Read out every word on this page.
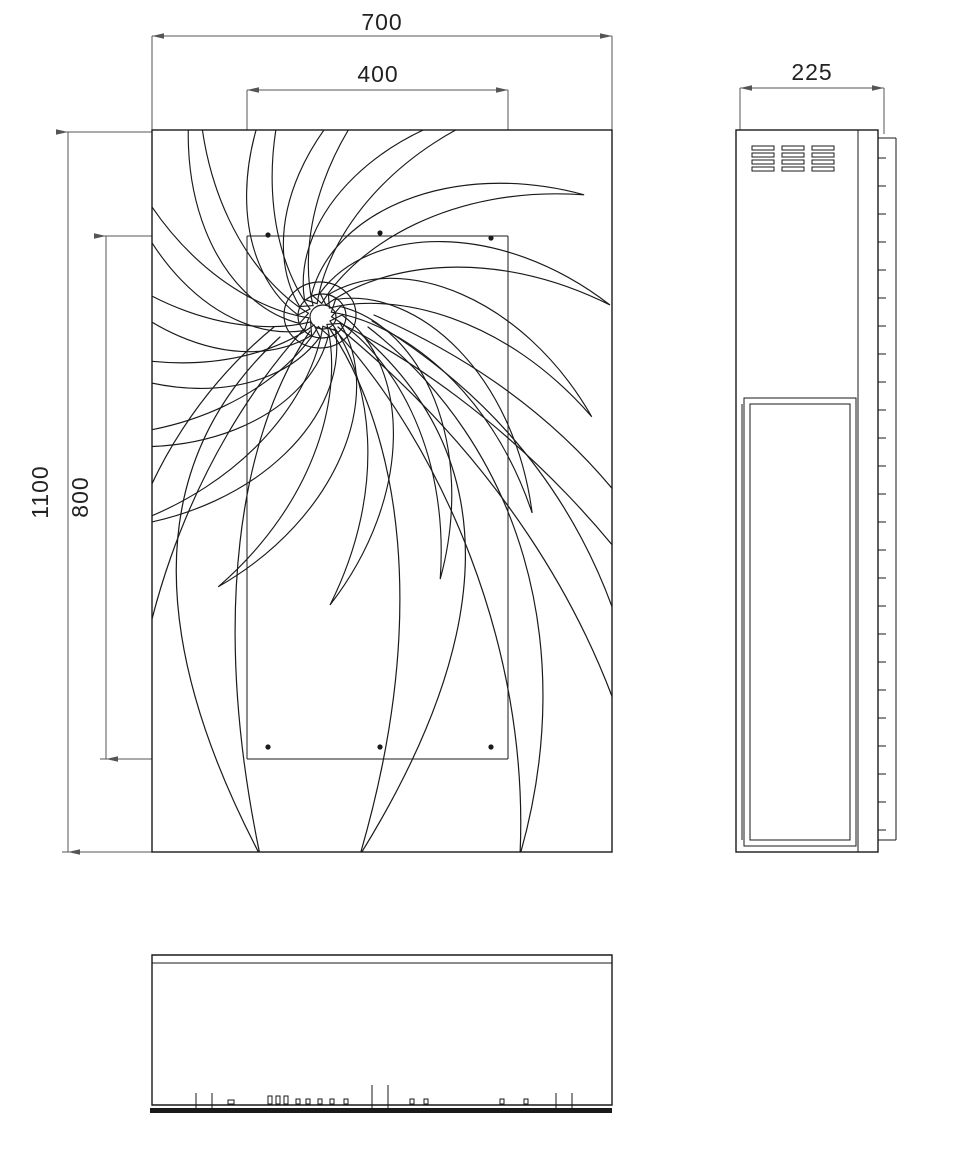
700
400
1100 800
225
